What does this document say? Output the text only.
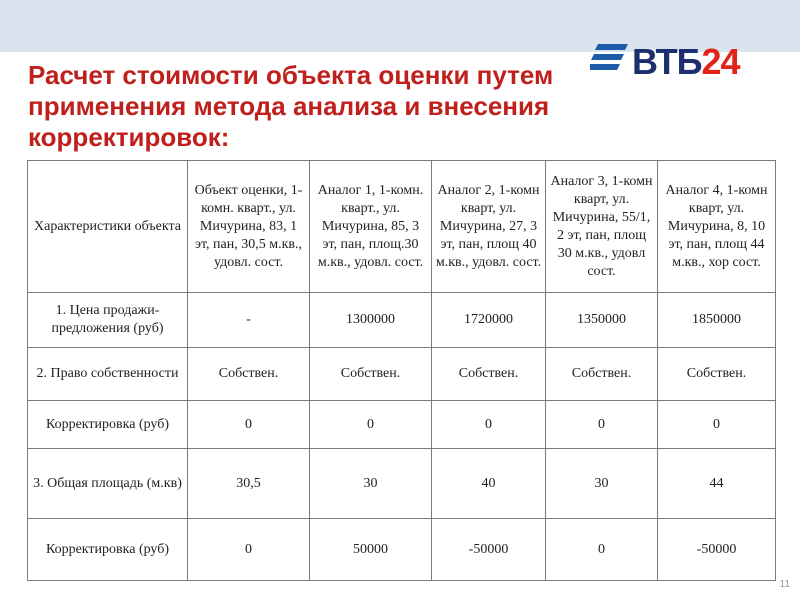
ВТБ24
Расчет стоимости объекта оценки путем применения метода анализа и внесения корректировок:
Характеристики объекта	Объект оценки, 1-комн. кварт., ул. Мичурина, 83, 1 эт, пан, 30,5 м.кв., удовл. сост.	Аналог 1, 1-комн. кварт., ул. Мичурина, 85, 3 эт, пан, площ.30 м.кв., удовл. сост.	Аналог 2, 1-комн кварт, ул. Мичурина, 27, 3 эт, пан, площ 40 м.кв., удовл. сост.	Аналог 3, 1-комн кварт, ул. Мичурина, 55/1, 2 эт, пан, площ 30 м.кв., удовл сост.	Аналог 4, 1-комн кварт, ул. Мичурина, 8, 10 эт, пан, площ 44 м.кв., хор сост.
1. Цена продажи-предложения (руб)	-	1300000	1720000	1350000	1850000
2. Право собственности	Собствен.	Собствен.	Собствен.	Собствен.	Собствен.
Корректировка (руб)	0	0	0	0	0
3. Общая площадь (м.кв)	30,5	30	40	30	44
Корректировка (руб)	0	50000	-50000	0	-50000
11
